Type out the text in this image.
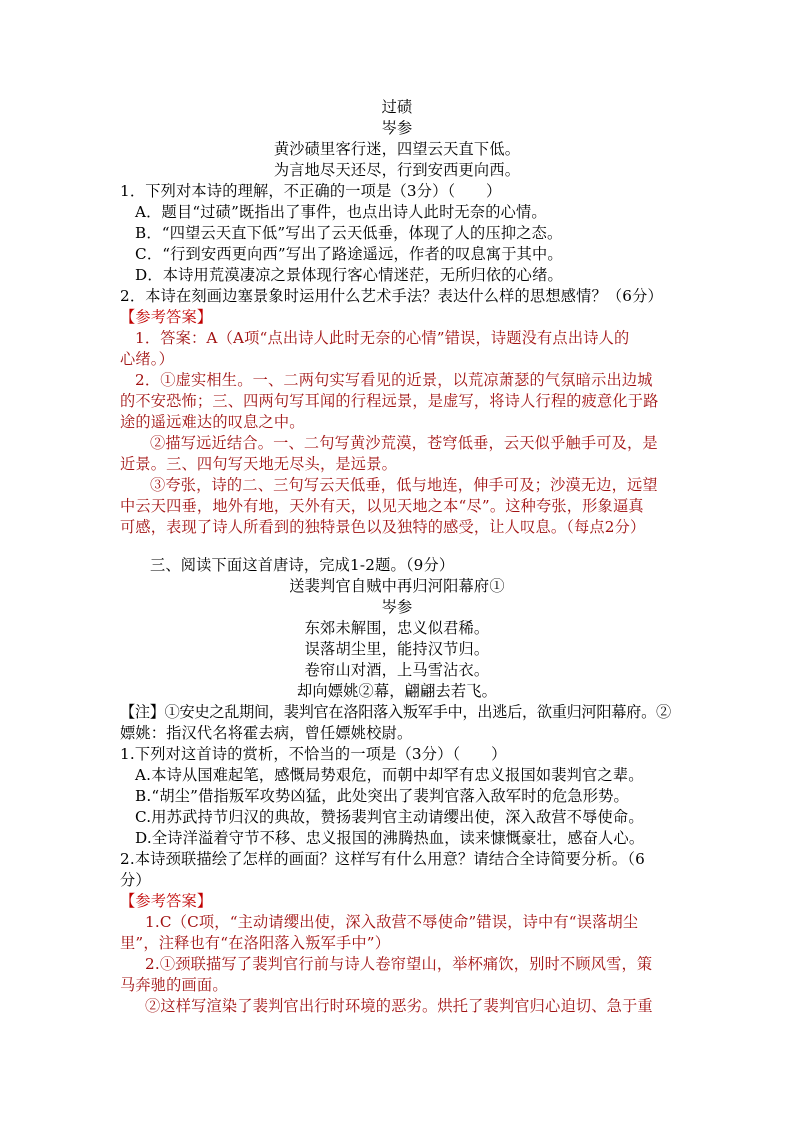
过碛
岑参
黄沙碛里客行迷，四望云天直下低。
为言地尽天还尽，行到安西更向西。
1．下列对本诗的理解，不正确的一项是（3分）（　　）
A．题目“过碛”既指出了事件，也点出诗人此时无奈的心情。
B．“四望云天直下低”写出了云天低垂，体现了人的压抑之态。
C．“行到安西更向西”写出了路途遥远，作者的叹息寓于其中。
D．本诗用荒漠凄凉之景体现行客心情迷茫，无所归依的心绪。
2．本诗在刻画边塞景象时运用什么艺术手法？表达什么样的思想感情？（6分）
【参考答案】
1．答案：A（A项“点出诗人此时无奈的心情”错误，诗题没有点出诗人的
心绪。）
2．①虚实相生。一、二两句实写看见的近景，以荒凉萧瑟的气氛暗示出边城
的不安恐怖；三、四两句写耳闻的行程远景，是虚写，将诗人行程的疲意化于路
途的遥远难达的叹息之中。
②描写远近结合。一、二句写黄沙荒漠，苍穹低垂，云天似乎触手可及，是
近景。三、四句写天地无尽头，是远景。
③夸张，诗的二、三句写云天低垂，低与地连，伸手可及；沙漠无边，远望
中云天四垂，地外有地，天外有天，以见天地之本“尽”。这种夸张，形象逼真
可感，表现了诗人所看到的独特景色以及独特的感受，让人叹息。（每点2分）
三、阅读下面这首唐诗，完成1-2题。（9分）
送裴判官自贼中再归河阳幕府①
岑参
东郊未解围，忠义似君稀。
误落胡尘里，能持汉节归。
卷帘山对酒，上马雪沾衣。
却向嫖姚②幕，翩翩去若飞。
【注】①安史之乱期间，裴判官在洛阳落入叛军手中，出逃后，欲重归河阳幕府。②
嫖姚：指汉代名将霍去病，曾任嫖姚校尉。
1.下列对这首诗的赏析，不恰当的一项是（3分）（　　）
A.本诗从国难起笔，感慨局势艰危，而朝中却罕有忠义报国如裴判官之辈。
B.“胡尘”借指叛军攻势凶猛，此处突出了裴判官落入敌军时的危急形势。
C.用苏武持节归汉的典故，赞扬裴判官主动请缨出使，深入敌营不辱使命。
D.全诗洋溢着守节不移、忠义报国的沸腾热血，读来慷慨豪壮，感奋人心。
2.本诗颈联描绘了怎样的画面？这样写有什么用意？请结合全诗简要分析。（6
分）
【参考答案】
1.C（C项，“主动请缨出使，深入敌营不辱使命”错误，诗中有“误落胡尘
里”，注释也有“在洛阳落入叛军手中”）
2.①颈联描写了裴判官行前与诗人卷帘望山，举杯痛饮，别时不顾风雪，策
马奔驰的画面。
②这样写渲染了裴判官出行时环境的恶劣。烘托了裴判官归心迫切、急于重
